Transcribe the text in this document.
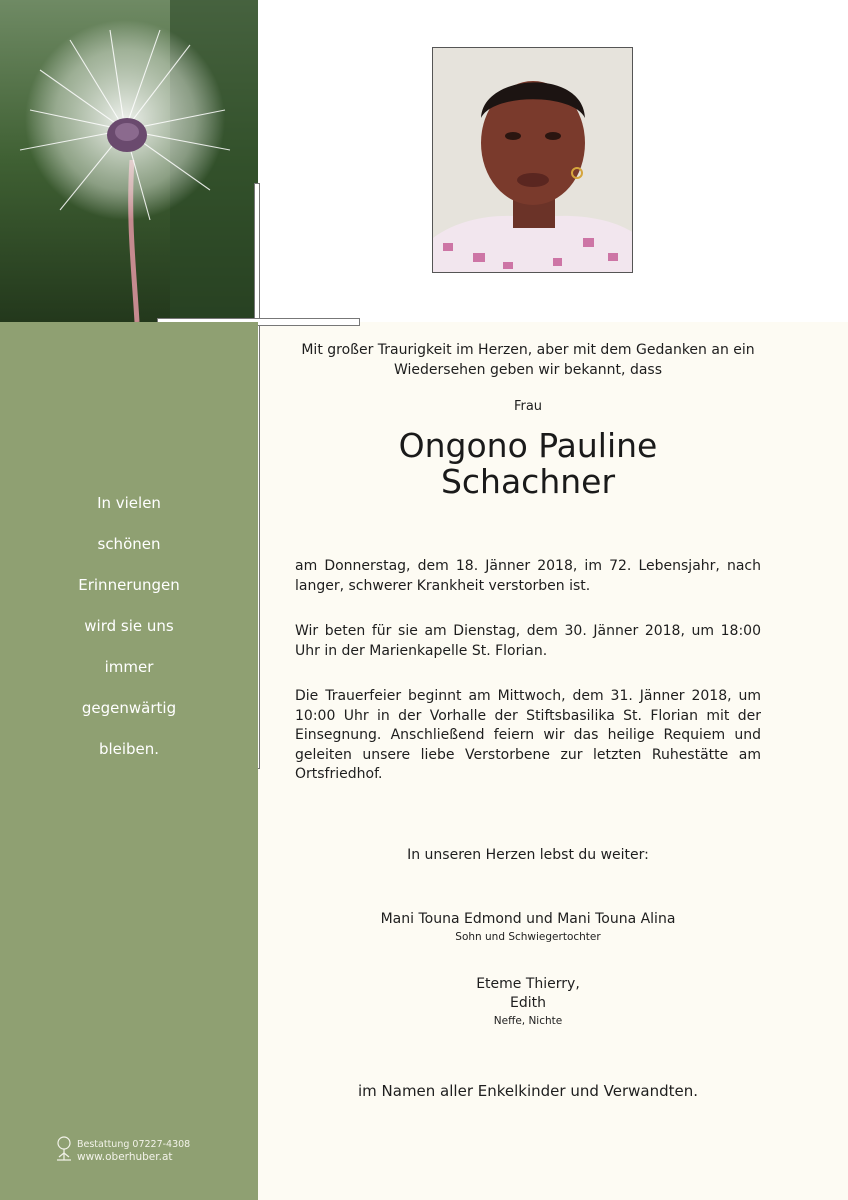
In vielen
schönen
Erinnerungen
wird sie uns
immer
gegenwärtig
bleiben.
Bestattung 07227-4308
www.oberhuber.at
Mit großer Traurigkeit im Herzen, aber mit dem Gedanken an ein
Wiedersehen geben wir bekannt, dass
Frau
Ongono Pauline
Schachner
am Donnerstag, dem 18. Jänner 2018, im 72. Lebensjahr, nach langer, schwerer Krankheit verstorben ist.
Wir beten für sie am Dienstag, dem 30. Jänner 2018, um 18:00 Uhr in der Marienkapelle St. Florian.
Die Trauerfeier beginnt am Mittwoch, dem 31. Jänner 2018, um 10:00 Uhr in der Vorhalle der Stiftsbasilika St. Florian mit der Einsegnung. Anschließend feiern wir das heilige Requiem und geleiten unsere liebe Verstorbene zur letzten Ruhestätte am Ortsfriedhof.
In unseren Herzen lebst du weiter:
Mani Touna Edmond und Mani Touna Alina
Sohn und Schwiegertochter
Eteme Thierry,
Edith
Neffe, Nichte
im Namen aller Enkelkinder und Verwandten.
